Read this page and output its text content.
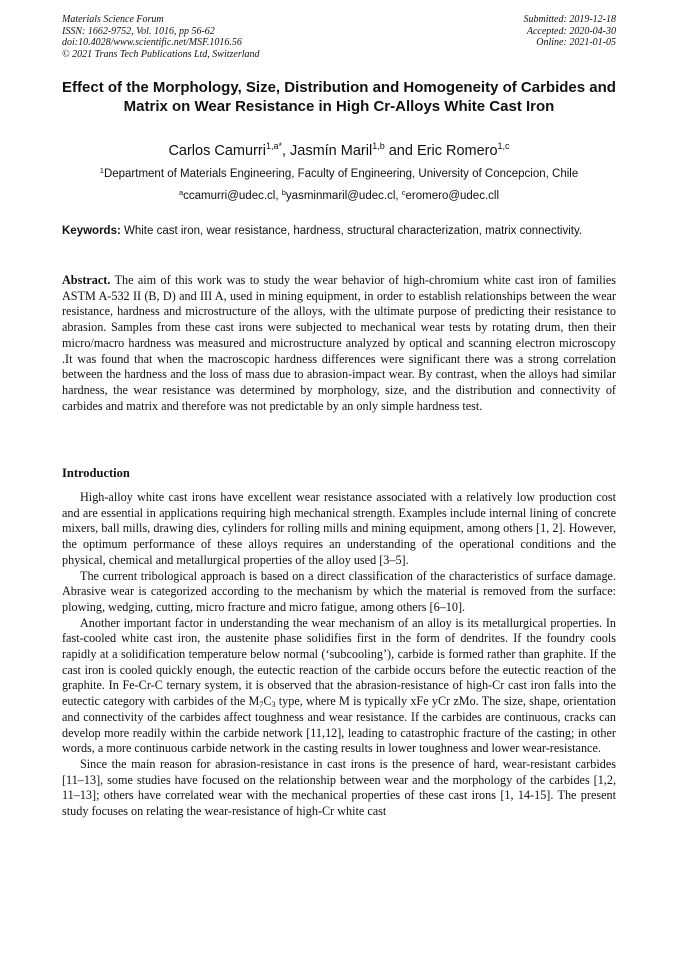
Materials Science Forum
ISSN: 1662-9752, Vol. 1016, pp 56-62
doi:10.4028/www.scientific.net/MSF.1016.56
© 2021 Trans Tech Publications Ltd, Switzerland
Submitted: 2019-12-18
Accepted: 2020-04-30
Online: 2021-01-05
Effect of the Morphology, Size, Distribution and Homogeneity of Carbides and Matrix on Wear Resistance in High Cr-Alloys White Cast Iron
Carlos Camurri$^{1,a*}$, Jasmín Maril$^{1,b}$ and Eric Romero$^{1,c}$
$^1$Department of Materials Engineering, Faculty of Engineering, University of Concepcion, Chile
$^a$ccamurri@udec.cl, $^b$yasminmaril@udec.cl, $^c$eromero@udec.cll
Keywords: White cast iron, wear resistance, hardness, structural characterization, matrix connectivity.
Abstract. The aim of this work was to study the wear behavior of high-chromium white cast iron of families ASTM A-532 II (B, D) and III A, used in mining equipment, in order to establish relationships between the wear resistance, hardness and microstructure of the alloys, with the ultimate purpose of predicting their resistance to abrasion. Samples from these cast irons were subjected to mechanical wear tests by rotating drum, then their micro/macro hardness was measured and microstructure analyzed by optical and scanning electron microscopy .It was found that when the macroscopic hardness differences were significant there was a strong correlation between the hardness and the loss of mass due to abrasion-impact wear. By contrast, when the alloys had similar hardness, the wear resistance was determined by morphology, size, and the distribution and connectivity of carbides and matrix and therefore was not predictable by an only simple hardness test.
Introduction

High-alloy white cast irons have excellent wear resistance associated with a relatively low production cost and are essential in applications requiring high mechanical strength. Examples include internal lining of concrete mixers, ball mills, drawing dies, cylinders for rolling mills and mining equipment, among others [1, 2]. However, the optimum performance of these alloys requires an understanding of the operational conditions and the physical, chemical and metallurgical properties of the alloy used [3–5].

The current tribological approach is based on a direct classification of the characteristics of surface damage. Abrasive wear is categorized according to the mechanism by which the material is removed from the surface: plowing, wedging, cutting, micro fracture and micro fatigue, among others [6–10].

Another important factor in understanding the wear mechanism of an alloy is its metallurgical properties. In fast-cooled white cast iron, the austenite phase solidifies first in the form of dendrites. If the foundry cools rapidly at a solidification temperature below normal (‘subcooling’), carbide is formed rather than graphite. If the cast iron is cooled quickly enough, the eutectic reaction of the carbide occurs before the eutectic reaction of the graphite. In Fe-Cr-C ternary system, it is observed that the abrasion-resistance of high-Cr cast iron falls into the eutectic category with carbides of the $M_7C_3$ type, where M is typically xFe yCr zMo. The size, shape, orientation and connectivity of the carbides affect toughness and wear resistance. If the carbides are continuous, cracks can develop more readily within the carbide network [11,12], leading to catastrophic fracture of the casting; in other words, a more continuous carbide network in the casting results in lower toughness and lower wear-resistance.

Since the main reason for abrasion-resistance in cast irons is the presence of hard, wear-resistant carbides [11–13], some studies have focused on the relationship between wear and the morphology of the carbides [1,2, 11–13]; others have correlated wear with the mechanical properties of these cast irons [1, 14-15]. The present study focuses on relating the wear-resistance of high-Cr white cast
